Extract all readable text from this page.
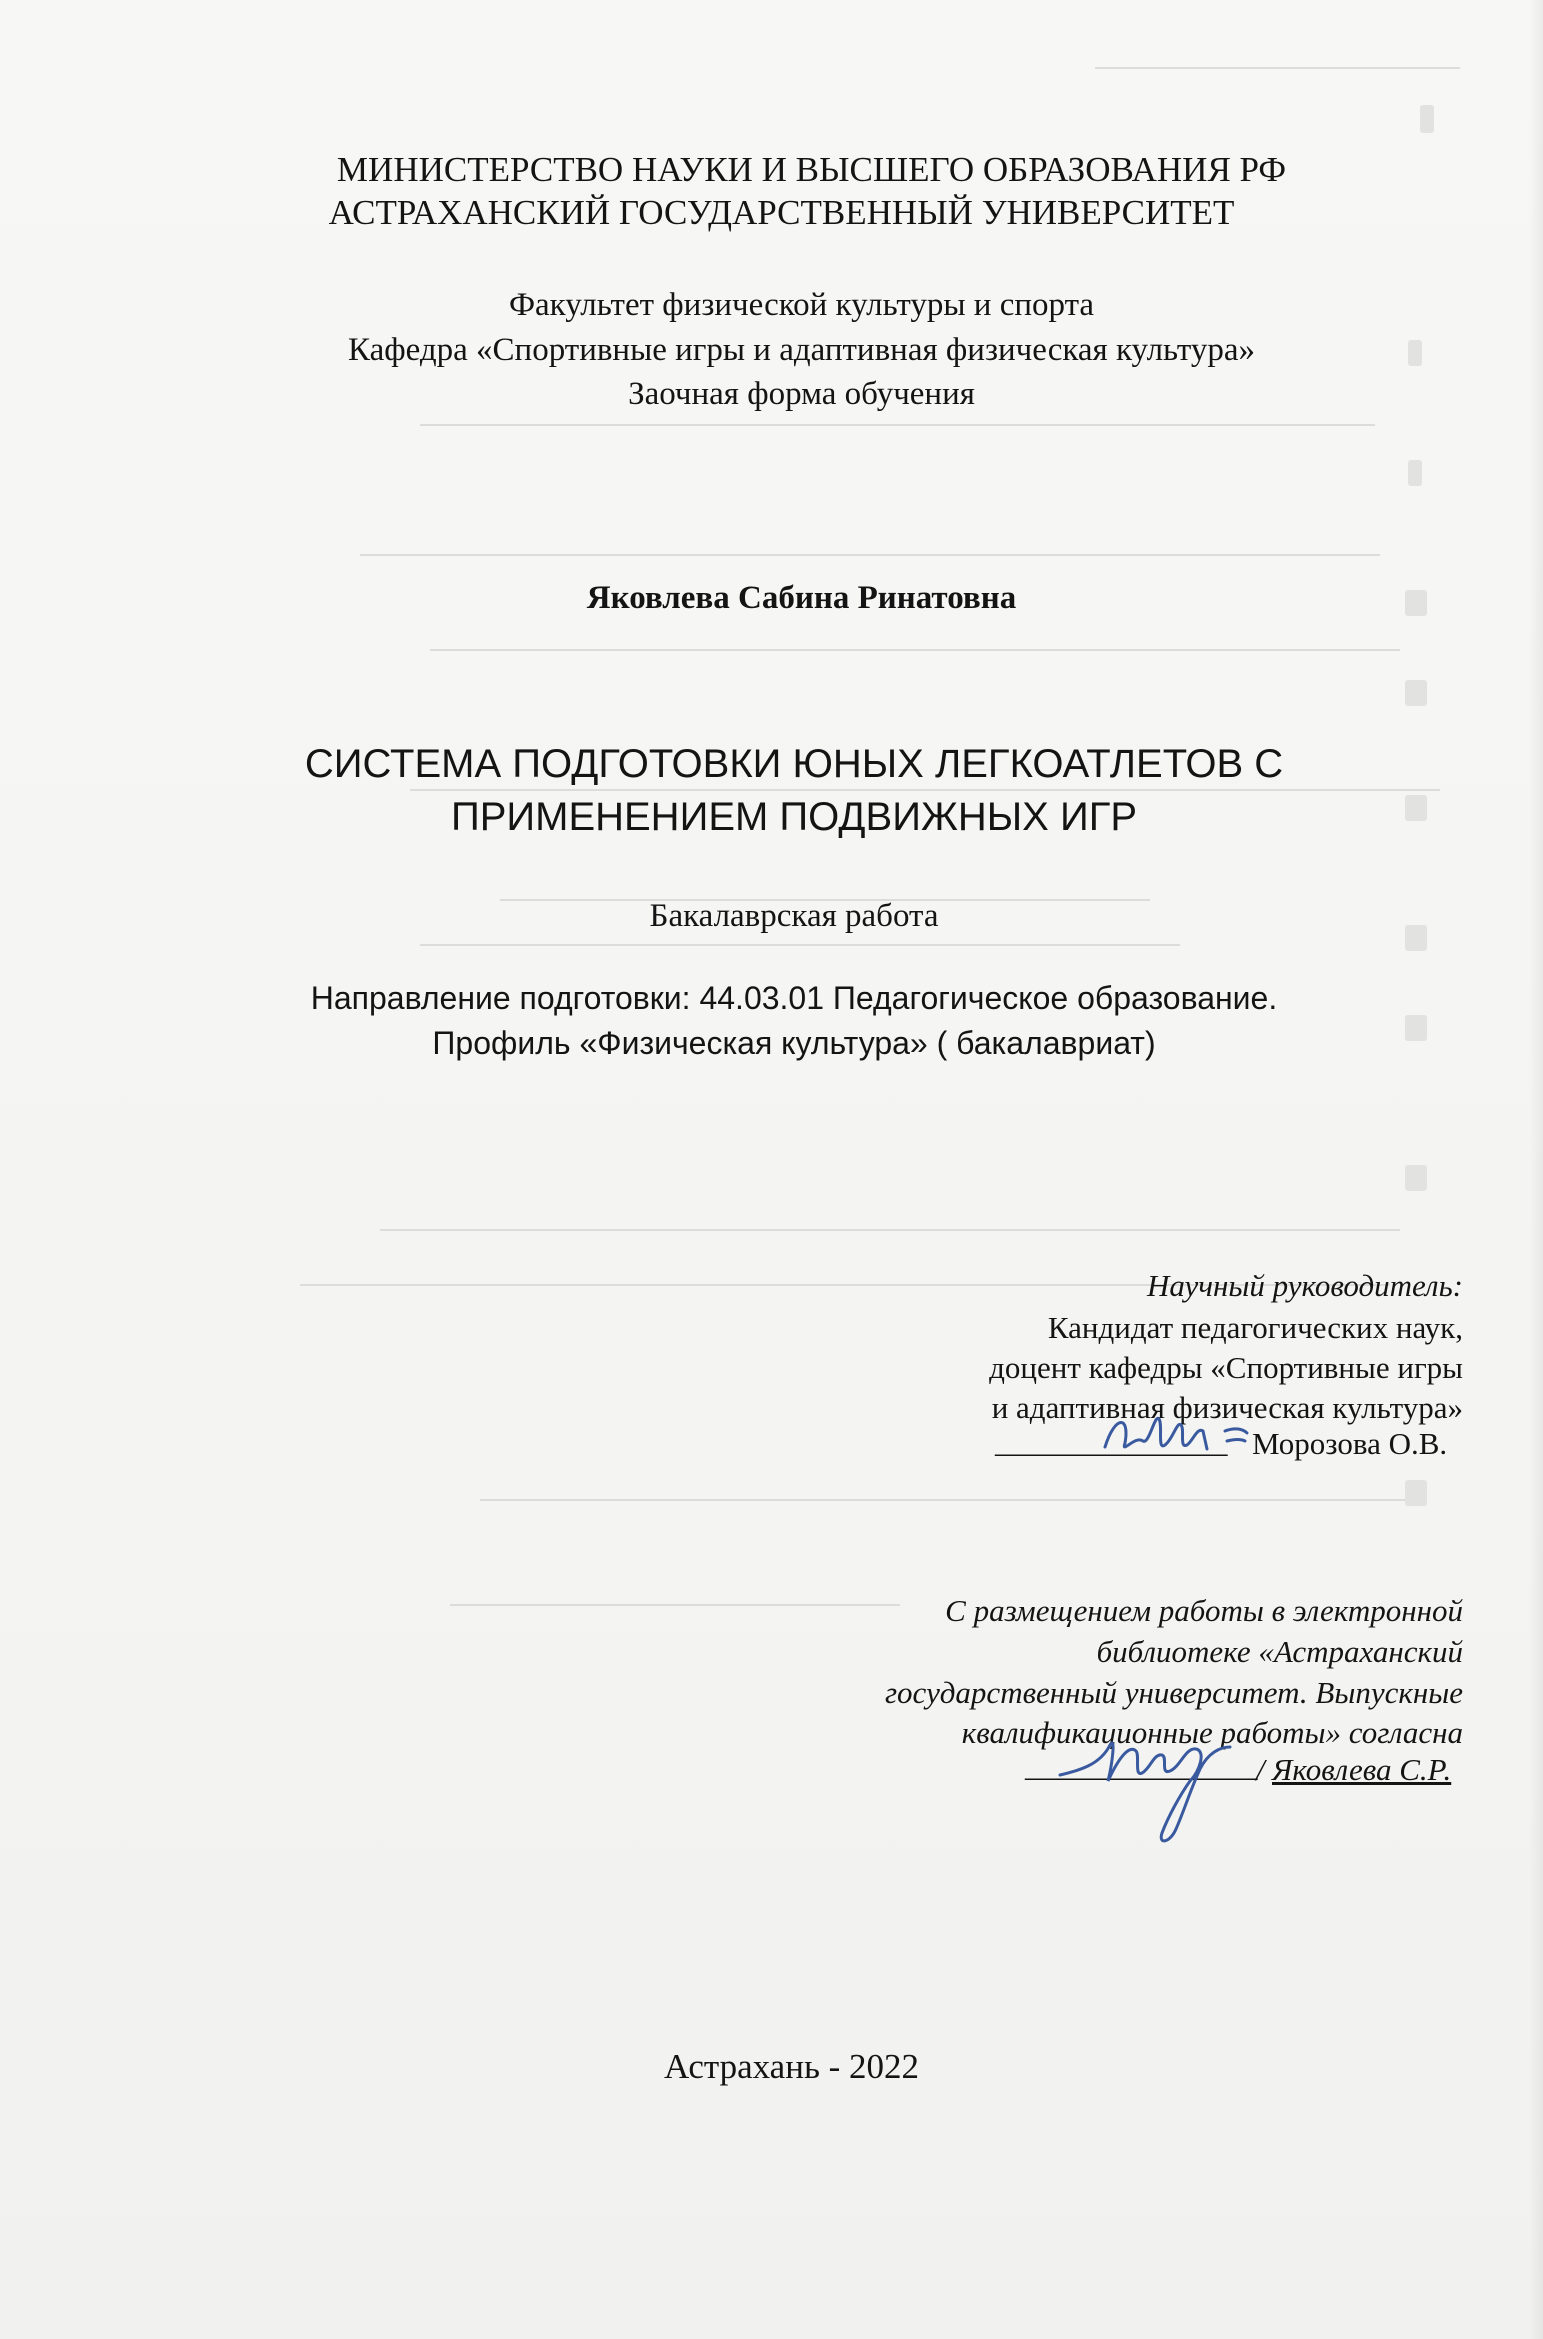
МИНИСТЕРСТВО НАУКИ И ВЫСШЕГО ОБРАЗОВАНИЯ РФ
АСТРАХАНСКИЙ ГОСУДАРСТВЕННЫЙ УНИВЕРСИТЕТ
Факультет физической культуры и спорта
Кафедра «Спортивные игры и адаптивная физическая культура»
Заочная форма обучения
Яковлева Сабина Ринатовна
СИСТЕМА ПОДГОТОВКИ ЮНЫХ ЛЕГКОАТЛЕТОВ С
ПРИМЕНЕНИЕМ ПОДВИЖНЫХ ИГР
Бакалаврская работа
Направление подготовки: 44.03.01 Педагогическое образование.
Профиль «Физическая культура» ( бакалавриат)
Научный руководитель:
Кандидат педагогических наук,
доцент кафедры «Спортивные игры
и адаптивная физическая культура»
_______________ Морозова О.В.
С размещением работы в электронной
библиотеке «Астраханский
государственный университет. Выпускные
квалификационные работы» согласна
_______________
/ Яковлева С.Р.
Астрахань - 2022
